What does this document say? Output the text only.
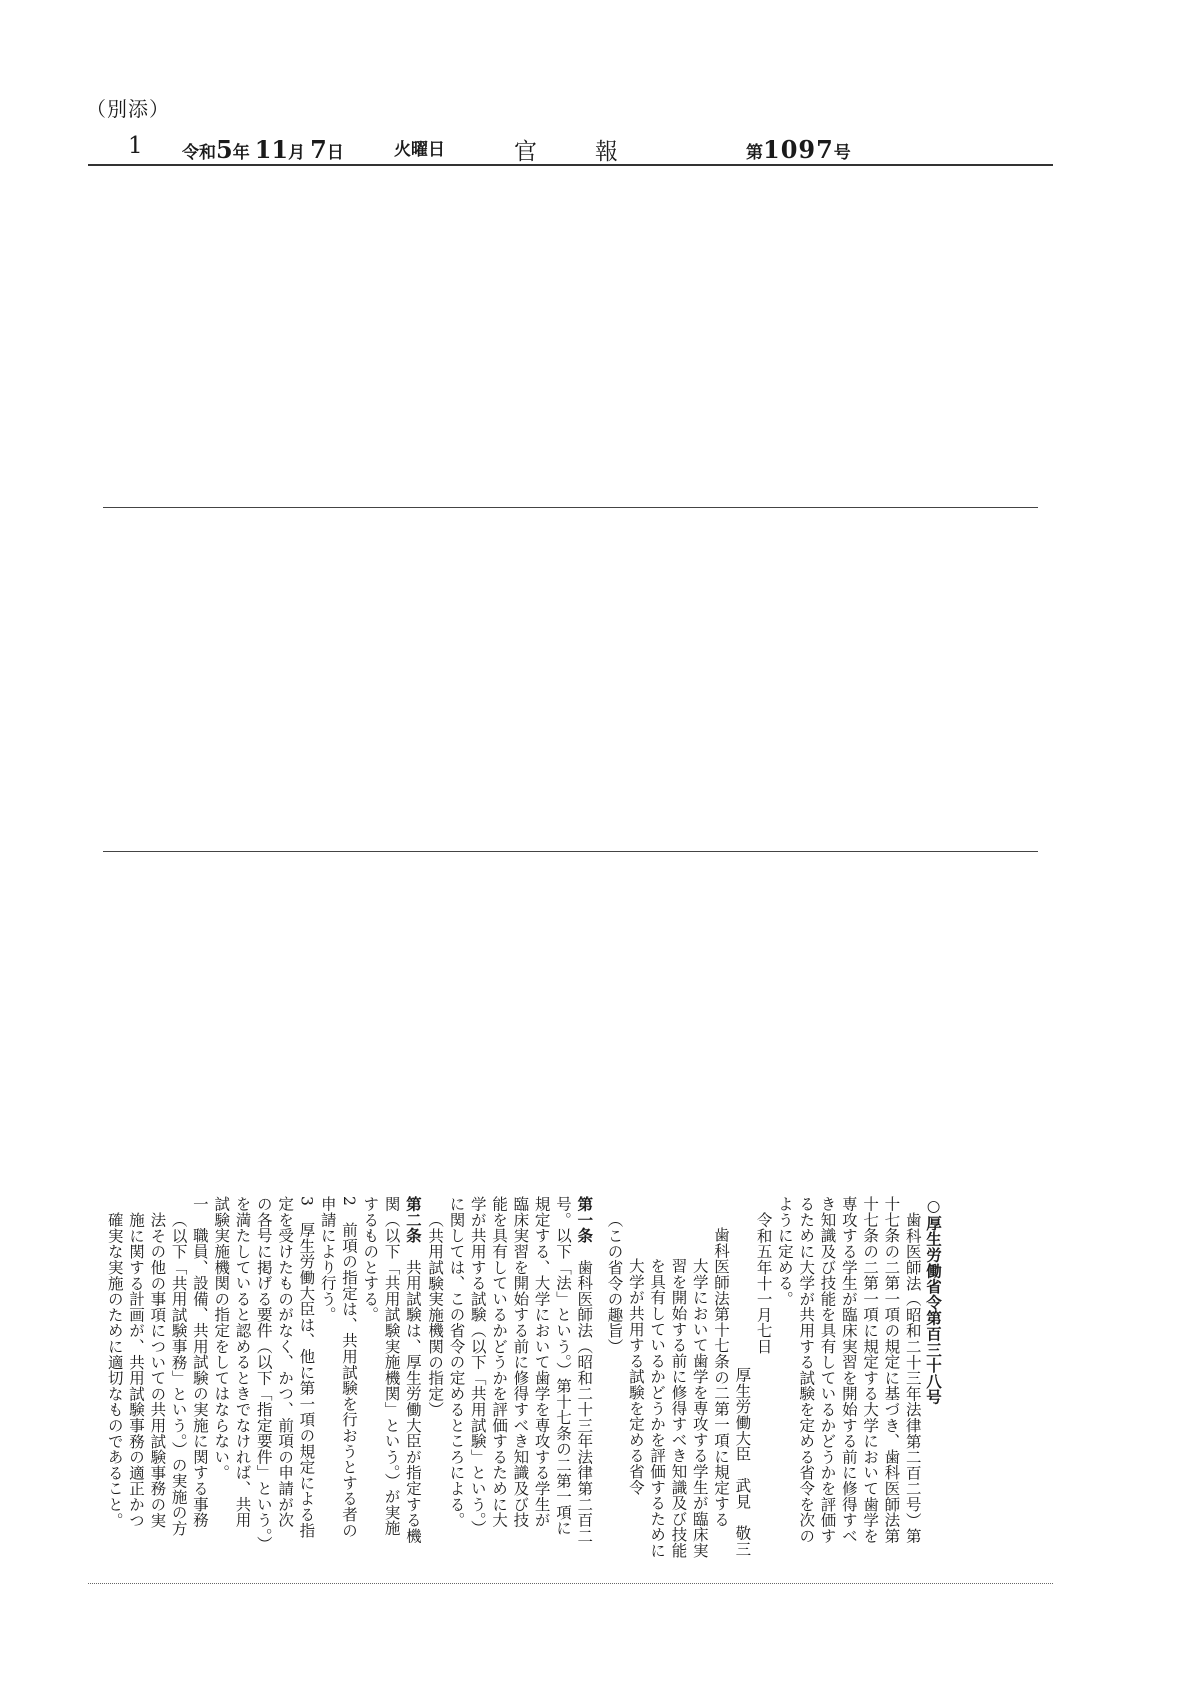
（別添）
1 令和5年 11月 7日	火曜日	官報	第1097号

○厚生労働省令第百三十八号

歯科医師法（昭和二十三年法律第二百二号）第

十七条の二第一項の規定に基づき、歯科医師法第

十七条の二第一項に規定する大学において歯学を

専攻する学生が臨床実習を開始する前に修得すべ

き知識及び技能を具有しているかどうかを評価す

るために大学が共用する試験を定める省令を次の

ように定める。

令和五年十一月七日

厚生労働大臣　武見　敬三

歯科医師法第十七条の二第一項に規定する

大学において歯学を専攻する学生が臨床実

習を開始する前に修得すべき知識及び技能

を具有しているかどうかを評価するために

大学が共用する試験を定める省令

（この省令の趣旨）

第一条　歯科医師法（昭和二十三年法律第二百二

号。以下「法」という。）第十七条の二第一項に

規定する、大学において歯学を専攻する学生が

臨床実習を開始する前に修得すべき知識及び技

能を具有しているかどうかを評価するために大

学が共用する試験（以下「共用試験」という。）

に関しては、この省令の定めるところによる。

（共用試験実施機関の指定）

第二条　共用試験は、厚生労働大臣が指定する機

関（以下「共用試験実施機関」という。）が実施

するものとする。

2　前項の指定は、共用試験を行おうとする者の

申請により行う。

3　厚生労働大臣は、他に第一項の規定による指

定を受けたものがなく、かつ、前項の申請が次

の各号に掲げる要件（以下「指定要件」という。）

を満たしていると認めるときでなければ、共用

試験実施機関の指定をしてはならない。

一　職員、設備、共用試験の実施に関する事務

（以下「共用試験事務」という。）の実施の方

法その他の事項についての共用試験事務の実

施に関する計画が、共用試験事務の適正かつ

確実な実施のために適切なものであること。
